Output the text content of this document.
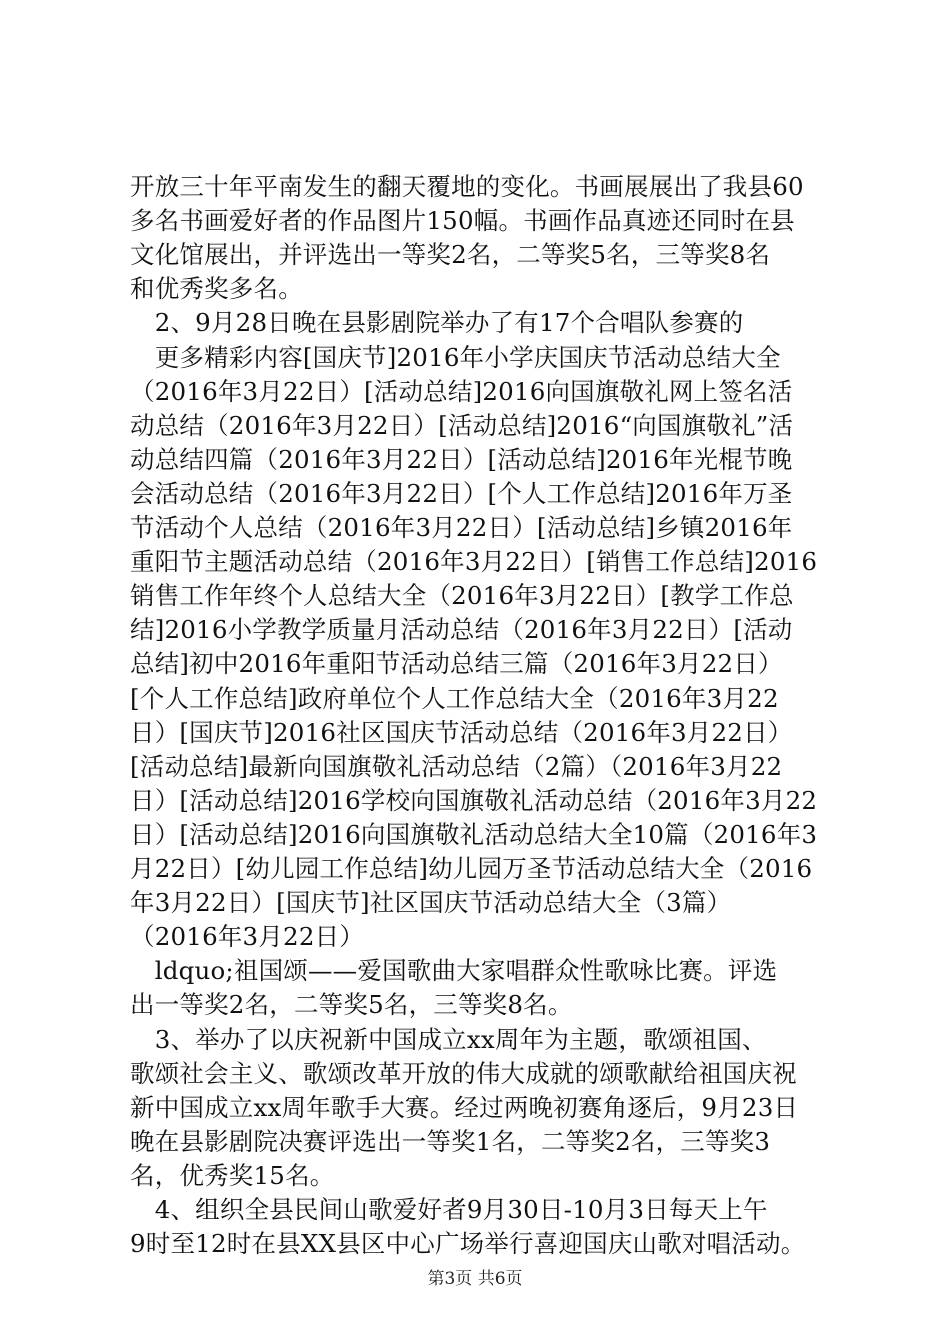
开放三十年平南发生的翻天覆地的变化。书画展展出了我县60
多名书画爱好者的作品图片150幅。书画作品真迹还同时在县
文化馆展出，并评选出一等奖2名，二等奖5名，三等奖8名
和优秀奖多名。
　2、9月28日晚在县影剧院举办了有17个合唱队参赛的
　更多精彩内容[国庆节]2016年小学庆国庆节活动总结大全
（2016年3月22日）[活动总结]2016向国旗敬礼网上签名活
动总结（2016年3月22日）[活动总结]2016“向国旗敬礼”活
动总结四篇（2016年3月22日）[活动总结]2016年光棍节晚
会活动总结（2016年3月22日）[个人工作总结]2016年万圣
节活动个人总结（2016年3月22日）[活动总结]乡镇2016年
重阳节主题活动总结（2016年3月22日）[销售工作总结]2016
销售工作年终个人总结大全（2016年3月22日）[教学工作总
结]2016小学教学质量月活动总结（2016年3月22日）[活动
总结]初中2016年重阳节活动总结三篇（2016年3月22日）
[个人工作总结]政府单位个人工作总结大全（2016年3月22
日）[国庆节]2016社区国庆节活动总结（2016年3月22日）
[活动总结]最新向国旗敬礼活动总结（2篇）（2016年3月22
日）[活动总结]2016学校向国旗敬礼活动总结（2016年3月22
日）[活动总结]2016向国旗敬礼活动总结大全10篇（2016年3
月22日）[幼儿园工作总结]幼儿园万圣节活动总结大全（2016
年3月22日）[国庆节]社区国庆节活动总结大全（3篇）
（2016年3月22日）
　ldquo;祖国颂——爱国歌曲大家唱群众性歌咏比赛。评选
出一等奖2名，二等奖5名，三等奖8名。
　3、举办了以庆祝新中国成立xx周年为主题，歌颂祖国、
歌颂社会主义、歌颂改革开放的伟大成就的颂歌献给祖国庆祝
新中国成立xx周年歌手大赛。经过两晚初赛角逐后，9月23日
晚在县影剧院决赛评选出一等奖1名，二等奖2名，三等奖3
名，优秀奖15名。
　4、组织全县民间山歌爱好者9月30日-10月3日每天上午
9时至12时在县XX县区中心广场举行喜迎国庆山歌对唱活动。
第3页 共6页
